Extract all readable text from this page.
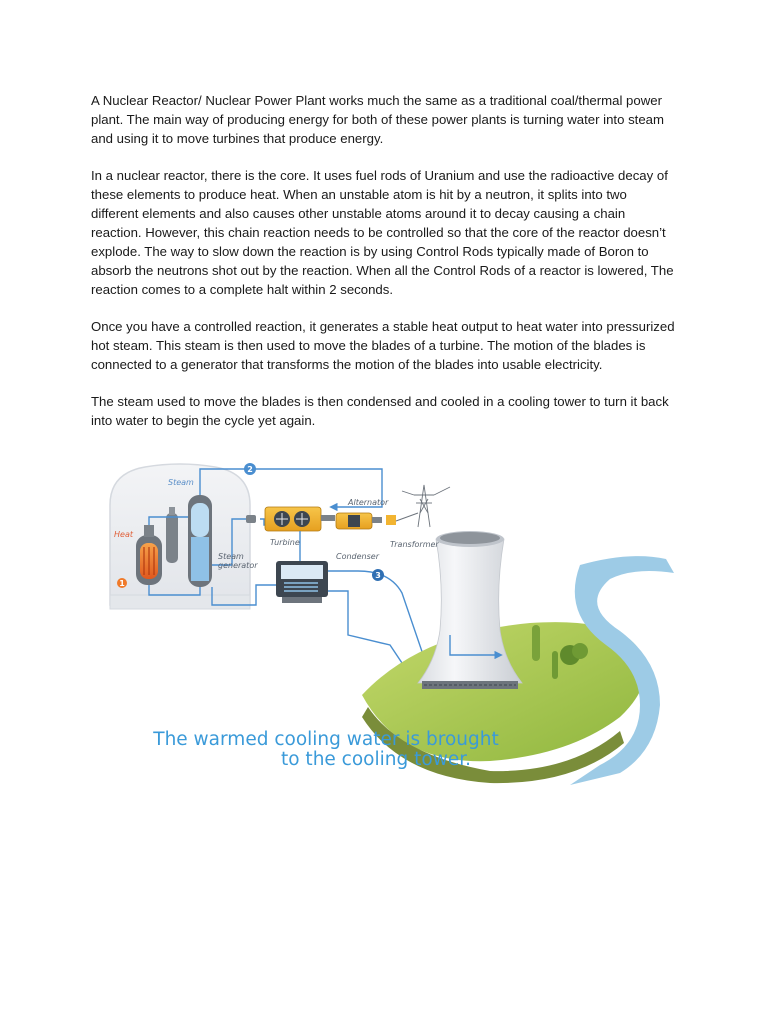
A Nuclear Reactor/ Nuclear Power Plant works much the same as a traditional coal/thermal power plant. The main way of producing energy for both of these power plants is turning water into steam and using it to move turbines that produce energy.

In a nuclear reactor, there is the core. It uses fuel rods of Uranium and use the radioactive decay of these elements to produce heat. When an unstable atom is hit by a neutron, it splits into two different elements and also causes other unstable atoms around it to decay causing a chain reaction. However, this chain reaction needs to be controlled so that the core of the reactor doesn’t explode. The way to slow down the reaction is by using Control Rods typically made of Boron to absorb the neutrons shot out by the reaction. When all the Control Rods of a reactor is lowered, The reaction comes to a complete halt within 2 seconds.

Once you have a controlled reaction, it generates a stable heat output to heat water into pressurized hot steam. This steam is then used to move the blades of a turbine. The motion of the blades is connected to a generator that transforms the motion of the blades into usable electricity.

The steam used to move the blades is then condensed and cooled in a cooling tower to turn it back into water to begin the cycle yet again.

2
3
Steam
Heat
Steam
generator
Turbine
Alternator
Transformer
Condenser
1
The warmed cooling water is brought
to the cooling tower.
